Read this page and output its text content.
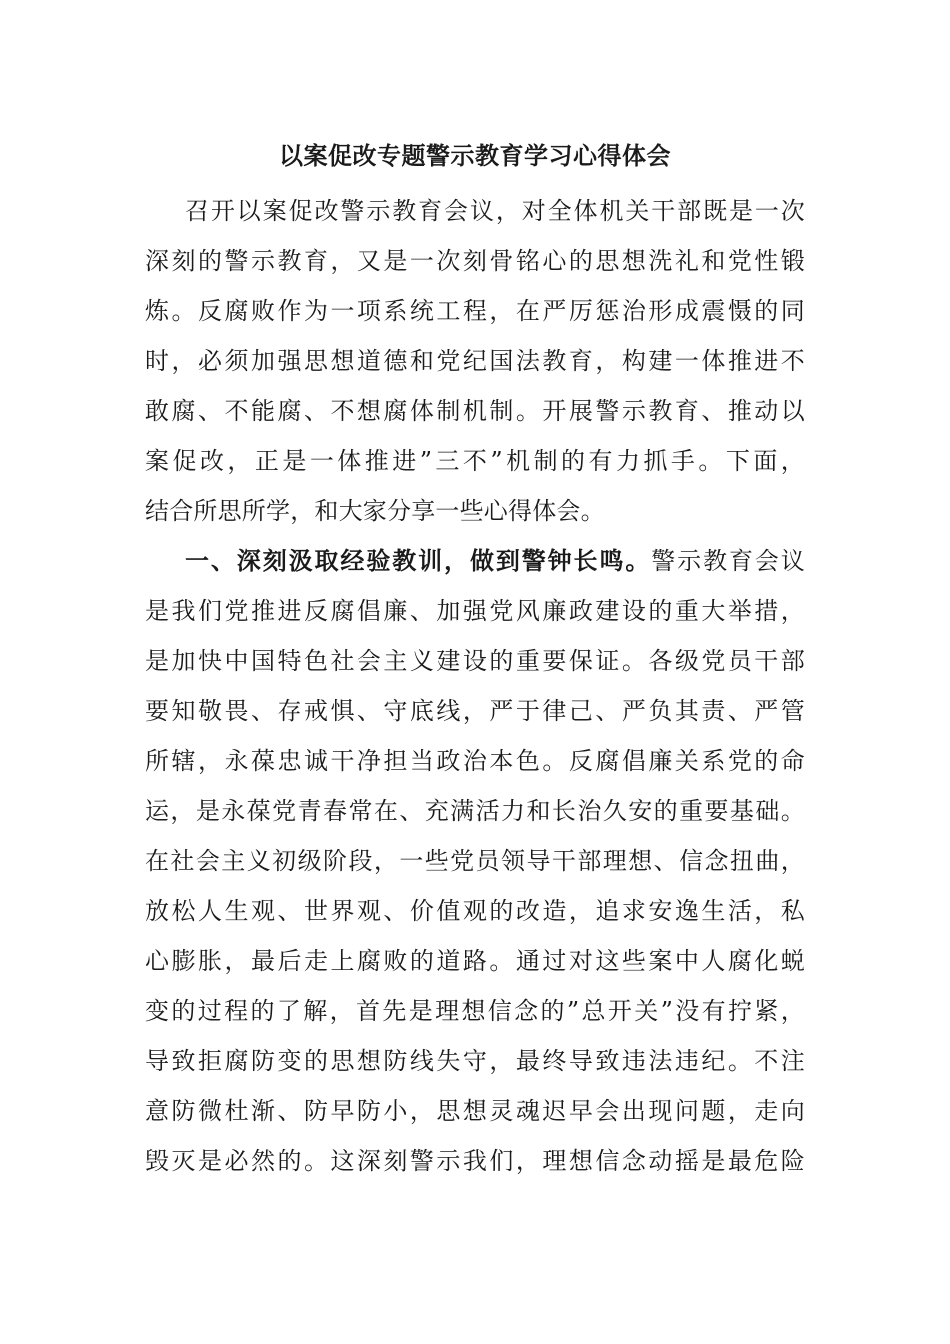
以案促改专题警示教育学习心得体会
召开以案促改警示教育会议，对全体机关干部既是一次
深刻的警示教育，又是一次刻骨铭心的思想洗礼和党性锻
炼。反腐败作为一项系统工程，在严厉惩治形成震慑的同
时，必须加强思想道德和党纪国法教育，构建一体推进不
敢腐、不能腐、不想腐体制机制。开展警示教育、推动以
案促改，正是一体推进”三不”机制的有力抓手。下面，
结合所思所学，和大家分享一些心得体会。
一、深刻汲取经验教训，做到警钟长鸣。警示教育会议
是我们党推进反腐倡廉、加强党风廉政建设的重大举措，
是加快中国特色社会主义建设的重要保证。各级党员干部
要知敬畏、存戒惧、守底线，严于律己、严负其责、严管
所辖，永葆忠诚干净担当政治本色。反腐倡廉关系党的命
运，是永葆党青春常在、充满活力和长治久安的重要基础。
在社会主义初级阶段，一些党员领导干部理想、信念扭曲，
放松人生观、世界观、价值观的改造，追求安逸生活，私
心膨胀，最后走上腐败的道路。通过对这些案中人腐化蜕
变的过程的了解，首先是理想信念的”总开关”没有拧紧，
导致拒腐防变的思想防线失守，最终导致违法违纪。不注
意防微杜渐、防早防小，思想灵魂迟早会出现问题，走向
毁灭是必然的。这深刻警示我们，理想信念动摇是最危险
